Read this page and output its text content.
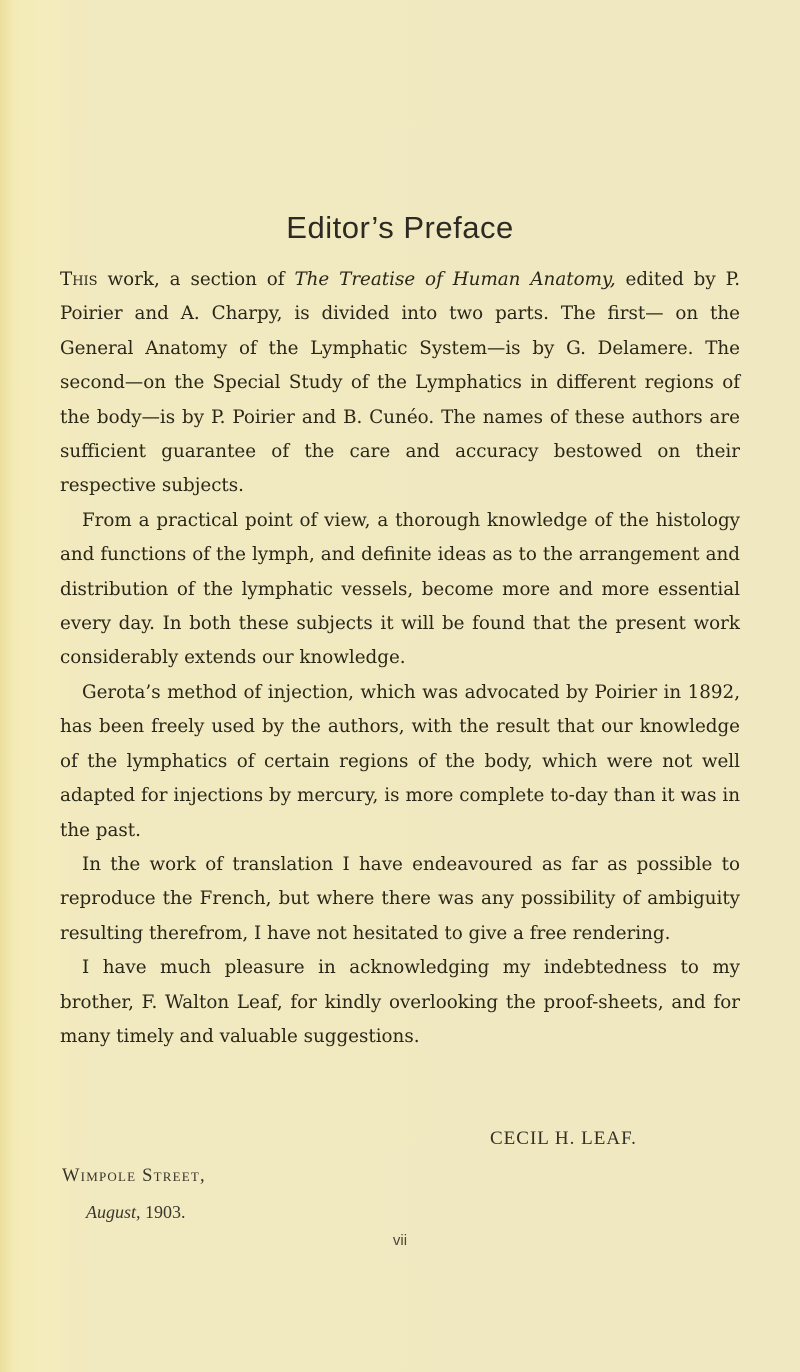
Editor’s Preface

This work, a section of The Treatise of Human Anatomy, edited by P. Poirier and A. Charpy, is divided into two parts. The first— on the General Anatomy of the Lymphatic System—is by G. Delamere. The second—on the Special Study of the Lymphatics in different regions of the body—is by P. Poirier and B. Cunéo. The names of these authors are sufficient guarantee of the care and accuracy bestowed on their respective subjects.

From a practical point of view, a thorough knowledge of the histology and functions of the lymph, and definite ideas as to the arrangement and distribution of the lymphatic vessels, become more and more essential every day. In both these subjects it will be found that the present work considerably extends our knowledge.

Gerota’s method of injection, which was advocated by Poirier in 1892, has been freely used by the authors, with the result that our knowledge of the lymphatics of certain regions of the body, which were not well adapted for injections by mercury, is more complete to-day than it was in the past.

In the work of translation I have endeavoured as far as possible to reproduce the French, but where there was any possibility of ambiguity resulting therefrom, I have not hesitated to give a free rendering.

I have much pleasure in acknowledging my indebtedness to my brother, F. Walton Leaf, for kindly overlooking the proof-sheets, and for many timely and valuable suggestions.

CECIL H. LEAF.
Wimpole Street,
August, 1903.
vii
